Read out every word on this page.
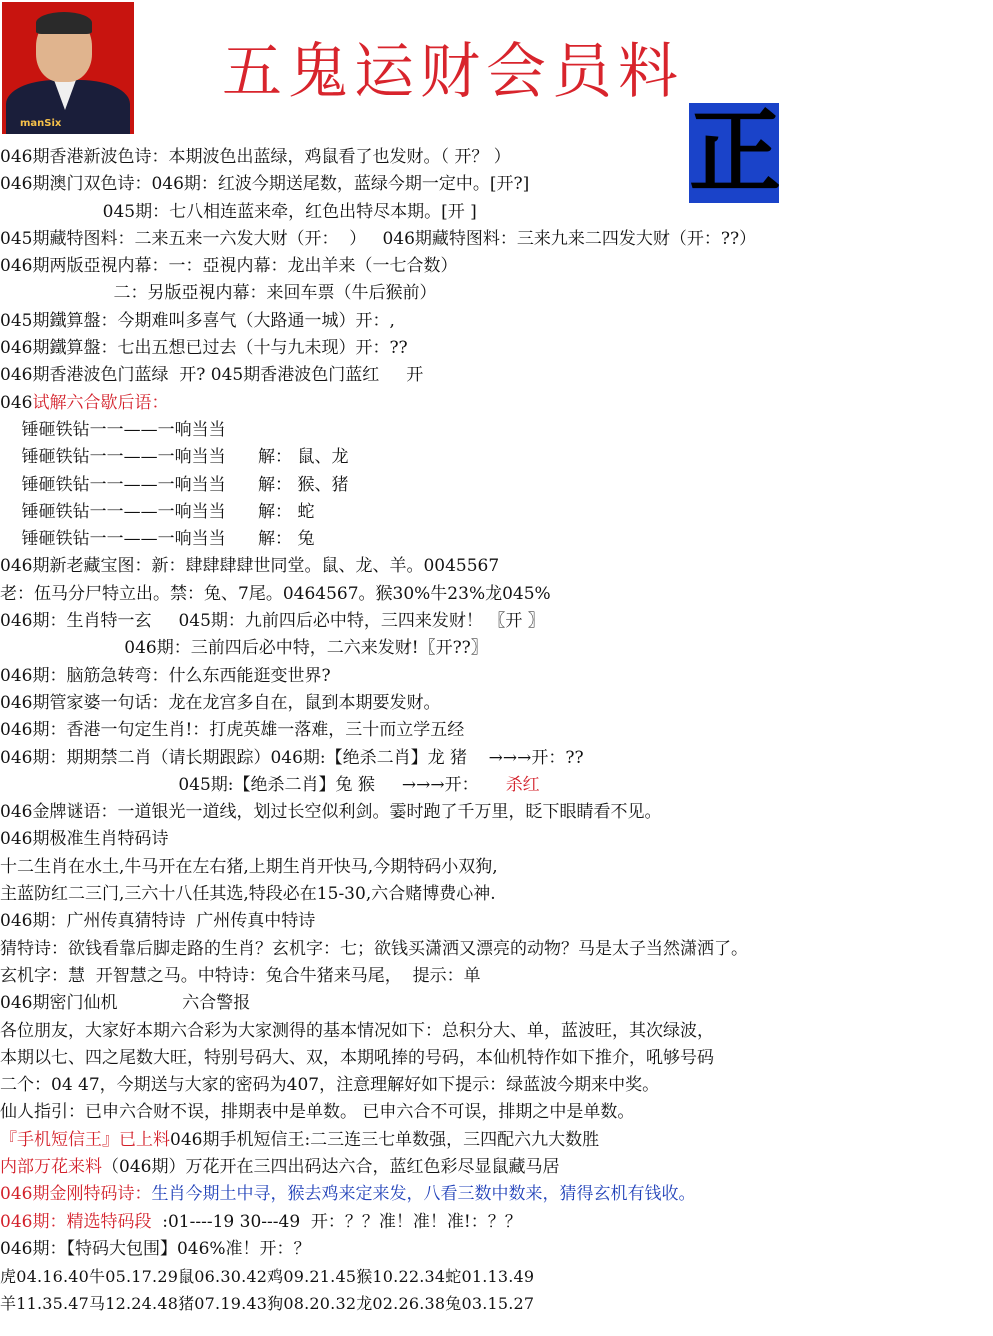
manSix
五鬼运财会员料
正
046期香港新波色诗：本期波色出蓝绿，鸡鼠看了也发财。（ 开？ ）
046期澳门双色诗：046期：红波今期送尾数，蓝绿今期一定中。[开?]
045期：七八相连蓝来牵，红色出特尽本期。[开 ]
045期藏特图料：二来五来一六发大财（开：  ）   046期藏特图料：三来九来二四发大财（开：??）
046期两版亞視内幕：一：亞視内幕：龙出羊来（一七合数）
二：另版亞視内幕：来回车票（牛后猴前）
045期鐵算盤：今期难叫多喜气（大路通一城）开：,
046期鐵算盤：七出五想已过去（十与九未现）开：??
046期香港波色门蓝绿  开? 045期香港波色门蓝红     开
046试解六合歇后语：
锤砸铁钻一一——一响当当
锤砸铁钻一一——一响当当      解： 鼠、龙
锤砸铁钻一一——一响当当      解： 猴、猪
锤砸铁钻一一——一响当当      解： 蛇
锤砸铁钻一一——一响当当      解： 兔
046期新老藏宝图：新：肆肆肆肆世同堂。鼠、龙、羊。0045567
老：伍马分尸特立出。禁：兔、7尾。0464567。猴30%牛23%龙045%
046期：生肖特一玄     045期：九前四后必中特，三四来发财！ 〖开 〗
046期：三前四后必中特，二六来发财!〖开??〗
046期：脑筋急转弯：什么东西能逛变世界?
046期管家婆一句话：龙在龙宫多自在，鼠到本期要发财。
046期：香港一句定生肖!：打虎英雄一落难，三十而立学五经
046期：期期禁二肖（请长期跟踪）046期:【绝杀二肖】龙 猪    →→→开：??
045期:【绝杀二肖】兔 猴     →→→开：     杀红
046金牌谜语：一道银光一道线，划过长空似利剑。霎时跑了千万里，眨下眼睛看不见。
046期极准生肖特码诗
十二生肖在水土,牛马开在左右猪,上期生肖开快马,今期特码小双狗,
主蓝防红二三门,三六十八任其选,特段必在15-30,六合赌博费心神.
046期：广州传真猜特诗  广州传真中特诗
猜特诗：欲钱看靠后脚走路的生肖？玄机字：七；欲钱买潇洒又漂亮的动物？马是太子当然潇洒了。
玄机字：慧  开智慧之马。中特诗：兔合牛猪来马尾，  提示：单
046期密门仙机            六合警报
各位朋友，大家好本期六合彩为大家测得的基本情况如下：总积分大、单，蓝波旺，其次绿波，
本期以七、四之尾数大旺，特别号码大、双，本期吼捧的号码，本仙机特作如下推介，吼够号码
二个：04 47，今期送与大家的密码为407，注意理解好如下提示：绿蓝波今期来中奖。
仙人指引：已申六合财不误，排期表中是单数。 已申六合不可误，排期之中是单数。
『手机短信王』已上料046期手机短信王:二三连三七单数强，三四配六九大数胜
内部万花来料（046期）万花开在三四出码达六合，蓝红色彩尽显鼠藏马居
046期金刚特码诗：生肖今期土中寻，猴去鸡来定来发，八看三数中数来，猜得玄机有钱收。
046期：精选特码段  :01----19 30---49  开：？？准！准！准!：？？
046期：【特码大包围】046%准！开：？
虎04.16.40牛05.17.29鼠06.30.42鸡09.21.45猴10.22.34蛇01.13.49
羊11.35.47马12.24.48猪07.19.43狗08.20.32龙02.26.38兔03.15.27
